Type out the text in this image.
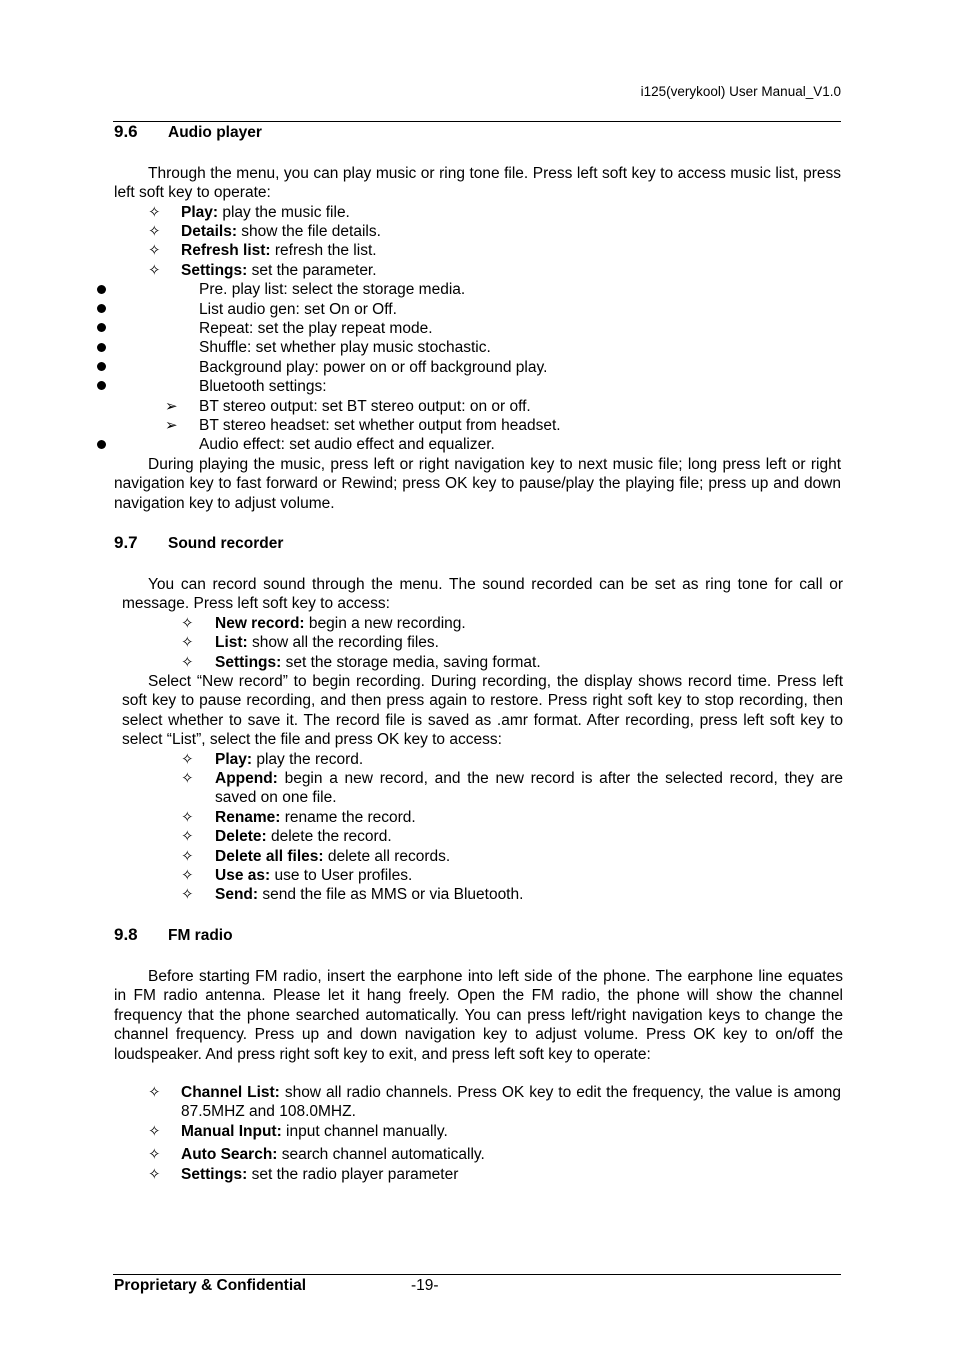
i125(verykool) User Manual_V1.0
9.6 Audio player

Through the menu, you can play music or ring tone file. Press left soft key to access music list, press left soft key to operate:

✧ Play: play the music file.
✧ Details: show the file details.
✧ Refresh list: refresh the list.
✧ Settings: set the parameter.
Pre. play list: select the storage media.
List audio gen: set On or Off.
Repeat: set the play repeat mode.
Shuffle: set whether play music stochastic.
Background play: power on or off background play.
Bluetooth settings:
➢ BT stereo output: set BT stereo output: on or off.
➢ BT stereo headset: set whether output from headset.
Audio effect: set audio effect and equalizer.

During playing the music, press left or right navigation key to next music file; long press left or right navigation key to fast forward or Rewind; press OK key to pause/play the playing file; press up and down navigation key to adjust volume.

9.7 Sound recorder

You can record sound through the menu. The sound recorded can be set as ring tone for call or message. Press left soft key to access:

✧ New record: begin a new recording.
✧ List: show all the recording files.
✧ Settings: set the storage media, saving format.

Select “New record” to begin recording. During recording, the display shows record time. Press left soft key to pause recording, and then press again to restore. Press right soft key to stop recording, then select whether to save it. The record file is saved as .amr format. After recording, press left soft key to select “List”, select the file and press OK key to access:

✧ Play: play the record.
✧ Append: begin a new record, and the new record is after the selected record, they are saved on one file.
✧ Rename: rename the record.
✧ Delete: delete the record.
✧ Delete all files: delete all records.
✧ Use as: use to User profiles.
✧ Send: send the file as MMS or via Bluetooth.
9.8 FM radio

Before starting FM radio, insert the earphone into left side of the phone. The earphone line equates in FM radio antenna. Please let it hang freely. Open the FM radio, the phone will show the channel frequency that the phone searched automatically. You can press left/right navigation keys to change the channel frequency. Press up and down navigation key to adjust volume. Press OK key to on/off the loudspeaker. And press right soft key to exit, and press left soft key to operate:

✧ Channel List: show all radio channels. Press OK key to edit the frequency, the value is among 87.5MHZ and 108.0MHZ.
✧ Manual Input: input channel manually.
✧ Auto Search: search channel automatically.
✧ Settings: set the radio player parameter
Proprietary & Confidential	-19-
